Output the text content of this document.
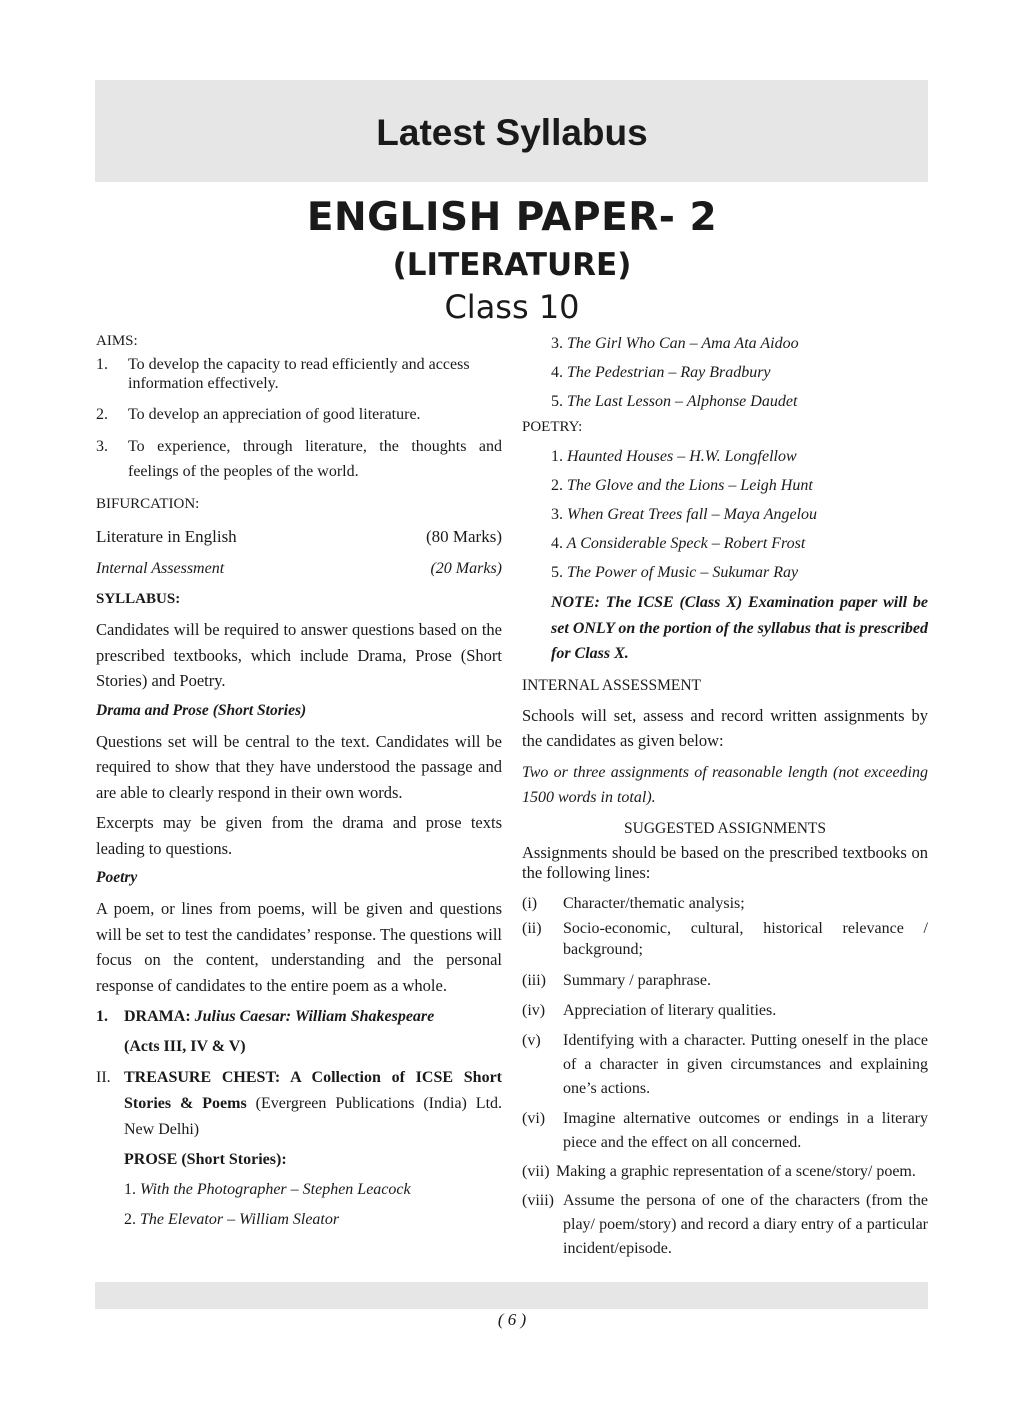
Latest Syllabus
ENGLISH PAPER- 2
(LITERATURE)
Class 10

AIMS:

1.	To develop the capacity to read efficiently and access information effectively.
2.	To develop an appreciation of good literature.
3.	To experience, through literature, the thoughts and feelings of the peoples of the world.

BIFURCATION:

Literature in English	(80 Marks)
Internal Assessment	(20 Marks)

SYLLABUS:

Candidates will be required to answer questions based on the prescribed textbooks, which include Drama, Prose (Short Stories) and Poetry.

Drama and Prose (Short Stories)

Questions set will be central to the text. Candidates will be required to show that they have understood the passage and are able to clearly respond in their own words.

Excerpts may be given from the drama and prose texts leading to questions.

Poetry

A poem, or lines from poems, will be given and questions will be set to test the candidates’ response. The questions will focus on the content, understanding and the personal response of candidates to the entire poem as a whole.

1.	DRAMA: Julius Caesar: William Shakespeare

(Acts III, IV & V)

II. TREASURE CHEST: A Collection of ICSE Short Stories & Poems (Evergreen Publications (India) Ltd. New Delhi)

PROSE (Short Stories):

1. With the Photographer – Stephen Leacock
2. The Elevator – William Sleator
3. The Girl Who Can – Ama Ata Aidoo
4. The Pedestrian – Ray Bradbury
5. The Last Lesson – Alphonse Daudet

POETRY:

1. Haunted Houses – H.W. Longfellow
2. The Glove and the Lions – Leigh Hunt
3. When Great Trees fall – Maya Angelou
4. A Considerable Speck – Robert Frost
5. The Power of Music – Sukumar Ray

NOTE: The ICSE (Class X) Examination paper will be set ONLY on the portion of the syllabus that is prescribed for Class X.

INTERNAL ASSESSMENT

Schools will set, assess and record written assignments by the candidates as given below:

Two or three assignments of reasonable length (not exceeding 1500 words in total).

SUGGESTED ASSIGNMENTS

Assignments should be based on the prescribed textbooks on the following lines:

(i)	Character/thematic analysis;
(ii)	Socio-economic, cultural, historical relevance / background;
(iii)	Summary / paraphrase.
(iv)	Appreciation of literary qualities.
(v)	Identifying with a character. Putting oneself in the place of a character in given circumstances and explaining one’s actions.
(vi)	Imagine alternative outcomes or endings in a literary piece and the effect on all concerned.
(vii) Making a graphic representation of a scene/story/ poem.
(viii) Assume the persona of one of the characters (from the play/ poem/story) and record a diary entry of a particular incident/episode.
( 6 )
